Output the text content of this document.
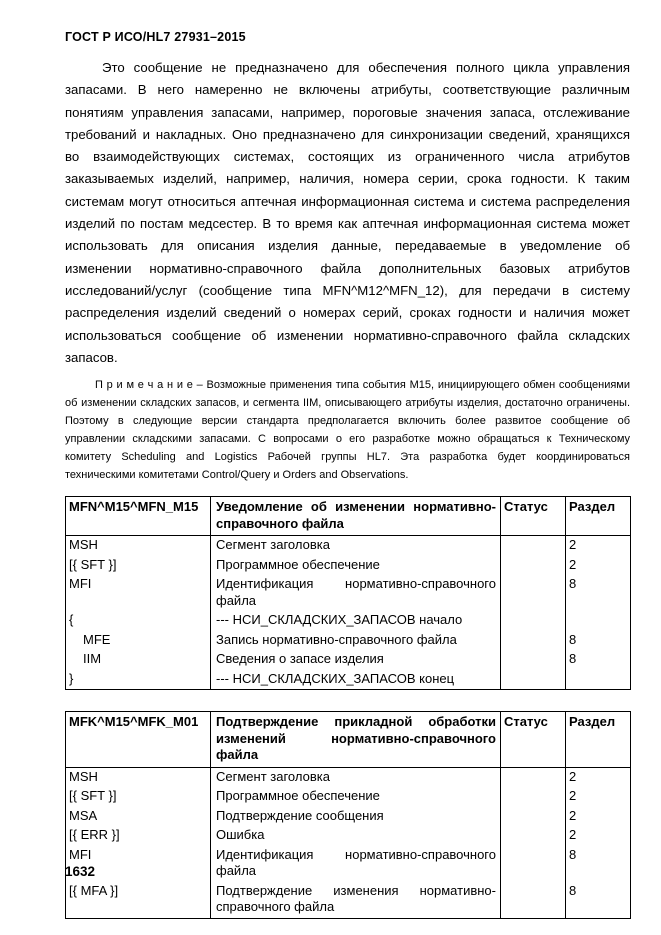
ГОСТ Р ИСО/HL7 27931–2015

Это сообщение не предназначено для обеспечения полного цикла управления запасами. В него намеренно не включены атрибуты, соответствующие различным понятиям управления запасами, например, пороговые значения запаса, отслеживание требований и накладных. Оно предназначено для синхронизации сведений, хранящихся во взаимодействующих системах, состоящих из ограниченного числа атрибутов заказываемых изделий, например, наличия, номера серии, срока годности. К таким системам могут относиться аптечная информационная система и система распределения изделий по постам медсестер. В то время как аптечная информационная система может использовать для описания изделия данные, передаваемые в уведомление об изменении нормативно-справочного файла дополнительных базовых атрибутов исследований/услуг (сообщение типа MFN^M12^MFN_12), для передачи в систему распределения изделий сведений о номерах серий, сроках годности и наличия может использоваться сообщение об изменении нормативно-справочного файла складских запасов.

П р и м е ч а н и е – Возможные применения типа события M15, инициирующего обмен сообщениями об изменении складских запасов, и сегмента IIM, описывающего атрибуты изделия, достаточно ограничены. Поэтому в следующие версии стандарта предполагается включить более развитое сообщение об управлении складскими запасами. С вопросами о его разработке можно обращаться к Техническому комитету Scheduling and Logistics Рабочей группы HL7. Эта разработка будет координироваться техническими комитетами Control/Query и Orders and Observations.

MFN^M15^MFN_M15	Уведомление об изменении нормативно-справочного файла	Статус	Раздел
MSH	Сегмент заголовка		2
[{ SFT }]	Программное обеспечение		2
MFI	Идентификация нормативно-справочного файла		8
{	--- НСИ_СКЛАДСКИХ_ЗАПАСОВ начало		
MFE	Запись нормативно-справочного файла		8
IIM	Сведения о запасе изделия		8
}	--- НСИ_СКЛАДСКИХ_ЗАПАСОВ конец		
MFK^M15^MFK_M01	Подтверждение прикладной обработки изменений нормативно-справочного файла	Статус	Раздел
MSH	Сегмент заголовка		2
[{ SFT }]	Программное обеспечение		2
MSA	Подтверждение сообщения		2
[{ ERR }]	Ошибка		2
MFI	Идентификация нормативно-справочного файла		8
[{ MFA }]	Подтверждение изменения нормативно-справочного файла		8
1632
